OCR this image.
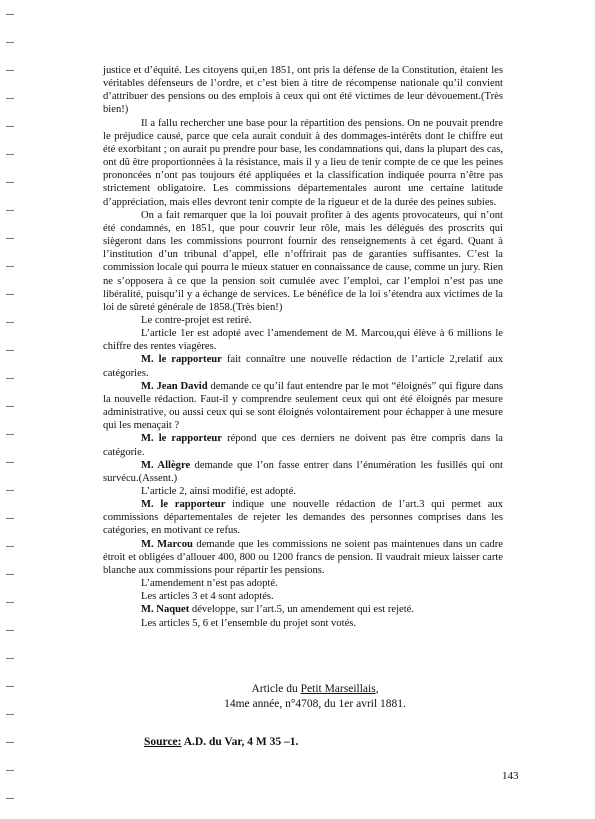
justice et d’équité. Les citoyens qui,en 1851, ont pris la défense de la Constitution, étaient les véritables défenseurs de l’ordre, et c’est bien à titre de récompense nationale qu’il convient d’attribuer des pensions ou des emplois à ceux qui ont été victimes de leur dévouement.(Très bien!)

Il a fallu rechercher une base pour la répartition des pensions. On ne pouvait prendre le préjudice causé, parce que cela aurait conduit à des dommages-intérêts dont le chiffre eut été exorbitant ; on aurait pu prendre pour base, les condamnations qui, dans la plupart des cas, ont dû être proportionnées à la résistance, mais il y a lieu de tenir compte de ce que les peines prononcées n’ont pas toujours été appliquées et la classification indiquée pourra n’être pas strictement obligatoire. Les commissions départementales auront une certaine latitude d’appréciation, mais elles devront tenir compte de la rigueur et de la durée des peines subies.

On a fait remarquer que la loi pouvait profiter à des agents provocateurs, qui n’ont été condamnés, en 1851, que pour couvrir leur rôle, mais les délégués des proscrits qui siègeront dans les commissions pourront fournir des renseignements à cet égard. Quant à l’institution d’un tribunal d’appel, elle n’offrirait pas de garanties suffisantes. C’est la commission locale qui pourra le mieux statuer en connaissance de cause, comme un jury. Rien ne s’opposera à ce que la pension soit cumulée avec l’emploi, car l’emploi n’est pas une libéralité, puisqu’il y a échange de services. Le bénéfice de la loi s’étendra aux victimes de la loi de sûreté générale de 1858.(Très bien!)

Le contre-projet est retiré.

L’article 1er est adopté avec l’amendement de M. Marcou,qui élève à 6 millions le chiffre des rentes viagères.

M. le rapporteur fait connaître une nouvelle rédaction de l’article 2,relatif aux catégories.

M. Jean David demande ce qu’il faut entendre par le mot “éloignés” qui figure dans la nouvelle rédaction. Faut-il y comprendre seulement ceux qui ont été éloignés par mesure administrative, ou aussi ceux qui se sont éloignés volontairement pour échapper à une mesure qui les menaçait ?

M. le rapporteur répond que ces derniers ne doivent pas être compris dans la catégorie.

M. Allègre demande que l’on fasse entrer dans l’énumération les fusillés qui ont survécu.(Assent.)

L’article 2, ainsi modifié, est adopté.

M. le rapporteur indique une nouvelle rédaction de l’art.3 qui permet aux commissions départementales de rejeter les demandes des personnes comprises dans les catégories, en motivant ce refus.

M. Marcou demande que les commissions ne soient pas maintenues dans un cadre étroit et obligées d’allouer 400, 800 ou 1200 francs de pension. Il vaudrait mieux laisser carte blanche aux commissions pour répartir les pensions.

L’amendement n’est pas adopté.

Les articles 3 et 4 sont adoptés.

M. Naquet développe, sur l’art.5, un amendement qui est rejeté.

Les articles 5, 6 et l’ensemble du projet sont votés.

Article du Petit Marseillais,
14me année, n°4708, du 1er avril 1881.
Source: A.D. du Var, 4 M 35 –1.
143
